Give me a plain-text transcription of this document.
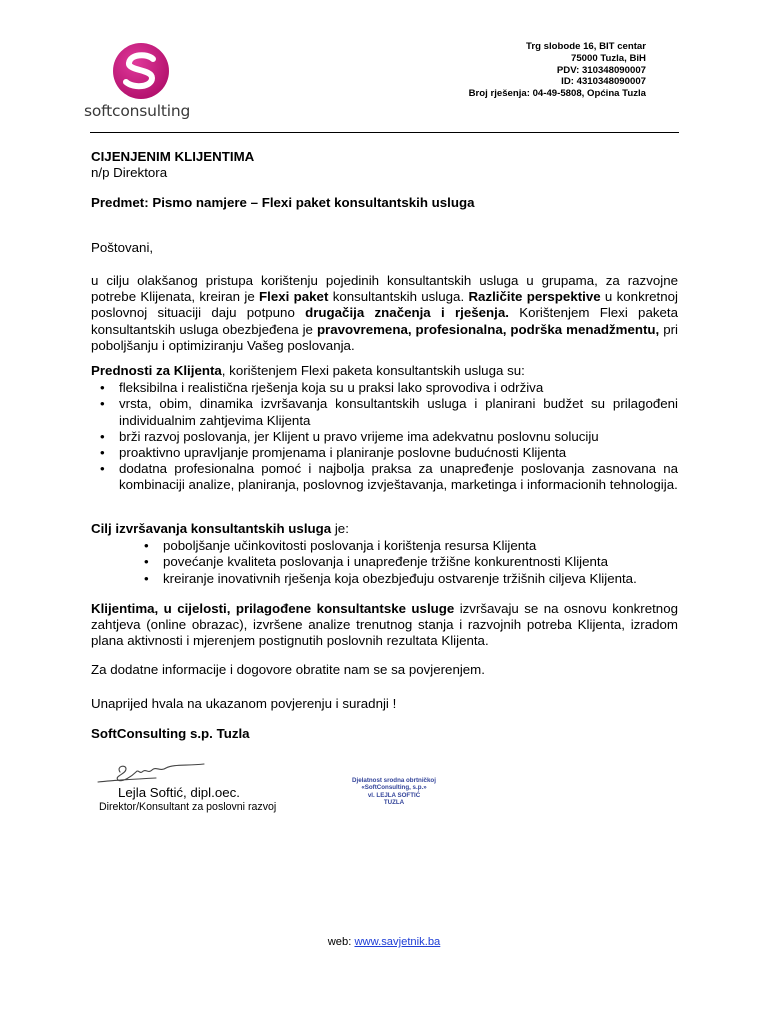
softconsulting
Trg slobode 16, BIT centar
75000 Tuzla, BiH
PDV: 310348090007
ID: 4310348090007
Broj rješenja: 04-49-5808, Općina Tuzla
CIJENJENIM KLIJENTIMA
n/p Direktora
Predmet: Pismo namjere – Flexi paket konsultantskih usluga
Poštovani,
u cilju olakšanog pristupa korištenju pojedinih konsultantskih usluga u grupama, za razvojne potrebe Klijenata, kreiran je Flexi paket konsultantskih usluga. Različite perspektive u konkretnoj poslovnoj situaciji daju potpuno drugačija značenja i rješenja. Korištenjem Flexi paketa konsultantskih usluga obezbjeđena je pravovremena, profesionalna, podrška menadžmentu, pri poboljšanju i optimiziranju Vašeg poslovanja.
Prednosti za Klijenta, korištenjem Flexi paketa konsultantskih usluga su:
• fleksibilna i realistična rješenja koja su u praksi lako sprovodiva i održiva
• vrsta, obim, dinamika izvršavanja konsultantskih usluga i planirani budžet su prilagođeni individualnim zahtjevima Klijenta
• brži razvoj poslovanja, jer Klijent u pravo vrijeme ima adekvatnu poslovnu soluciju
• proaktivno upravljanje promjenama i planiranje poslovne budućnosti Klijenta
• dodatna profesionalna pomoć i najbolja praksa za unapređenje poslovanja zasnovana na kombinaciji analize, planiranja, poslovnog izvještavanja, marketinga i informacionih tehnologija.
Cilj izvršavanja konsultantskih usluga je:
• poboljšanje učinkovitosti poslovanja i korištenja resursa Klijenta
• povećanje kvaliteta poslovanja i unapređenje tržišne konkurentnosti Klijenta
• kreiranje inovativnih rješenja koja obezbjeđuju ostvarenje tržišnih ciljeva Klijenta.
Klijentima, u cijelosti, prilagođene konsultantske usluge izvršavaju se na osnovu konkretnog zahtjeva (online obrazac), izvršene analize trenutnog stanja i razvojnih potreba Klijenta, izradom plana aktivnosti i mjerenjem postignutih poslovnih rezultata Klijenta.
Za dodatne informacije i dogovore obratite nam se sa povjerenjem.
Unaprijed hvala na ukazanom povjerenju i suradnji !
SoftConsulting s.p. Tuzla
Lejla Softić, dipl.oec.
Direktor/Konsultant za poslovni razvoj
Djelatnost srodna obrtničkoj
«SoftConsulting, s.p.»
vl. LEJLA SOFTIĆ
TUZLA
web: www.savjetnik.ba
